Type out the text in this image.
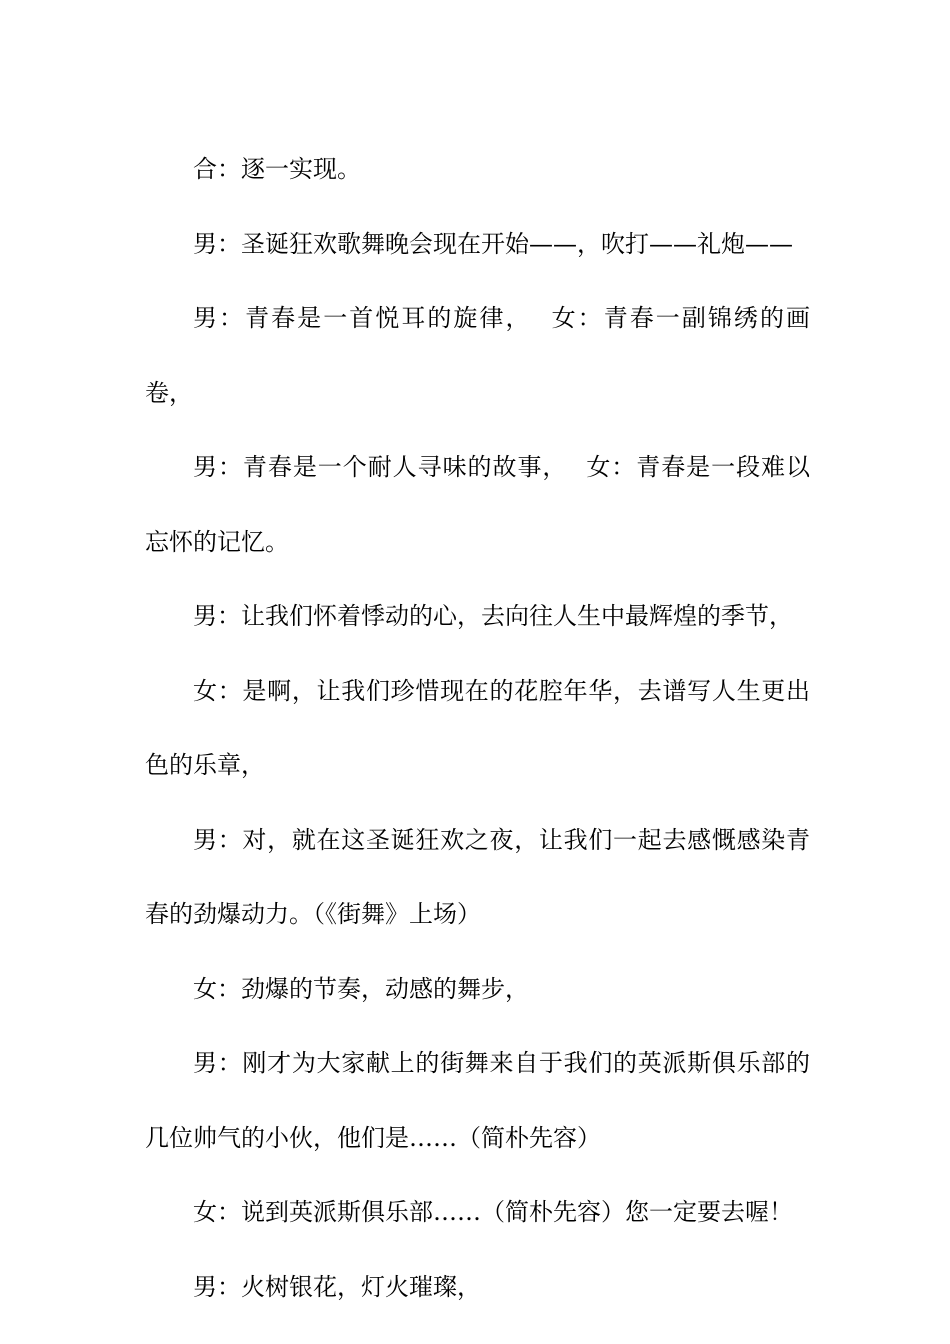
合：逐一实现。

男：圣诞狂欢歌舞晚会现在开始——，吹打——礼炮——

男：青春是一首悦耳的旋律， 女：青春一副锦绣的画卷，

男：青春是一个耐人寻味的故事， 女：青春是一段难以忘怀的记忆。

男：让我们怀着悸动的心，去向往人生中最辉煌的季节，

女：是啊，让我们珍惜现在的花腔年华，去谱写人生更出色的乐章，

男：对，就在这圣诞狂欢之夜，让我们一起去感慨感染青春的劲爆动力。（《街舞》上场）

女：劲爆的节奏，动感的舞步，

男：刚才为大家献上的街舞来自于我们的英派斯俱乐部的几位帅气的小伙，他们是……（简朴先容）

女：说到英派斯俱乐部……（简朴先容）您一定要去喔！

男：火树银花，灯火璀璨，
